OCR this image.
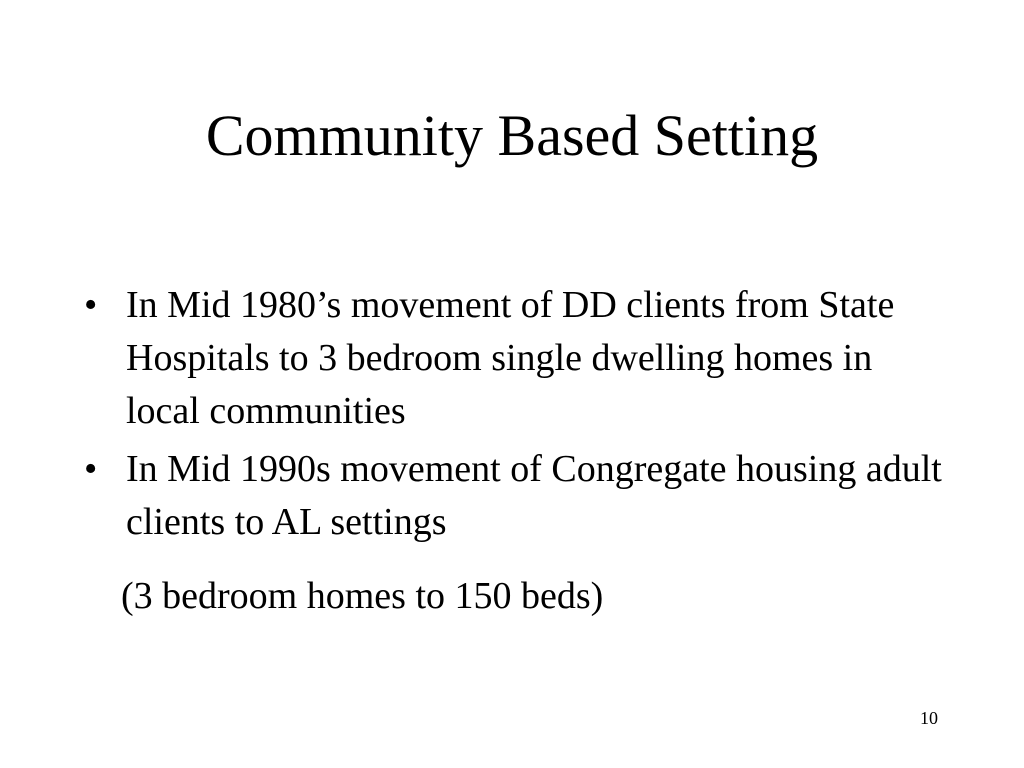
Community Based Setting
• In Mid 1980’s movement of DD clients from State Hospitals to 3 bedroom single dwelling homes in local communities
• In Mid 1990s movement of Congregate housing adult clients to AL settings
(3 bedroom homes to 150 beds)
10
